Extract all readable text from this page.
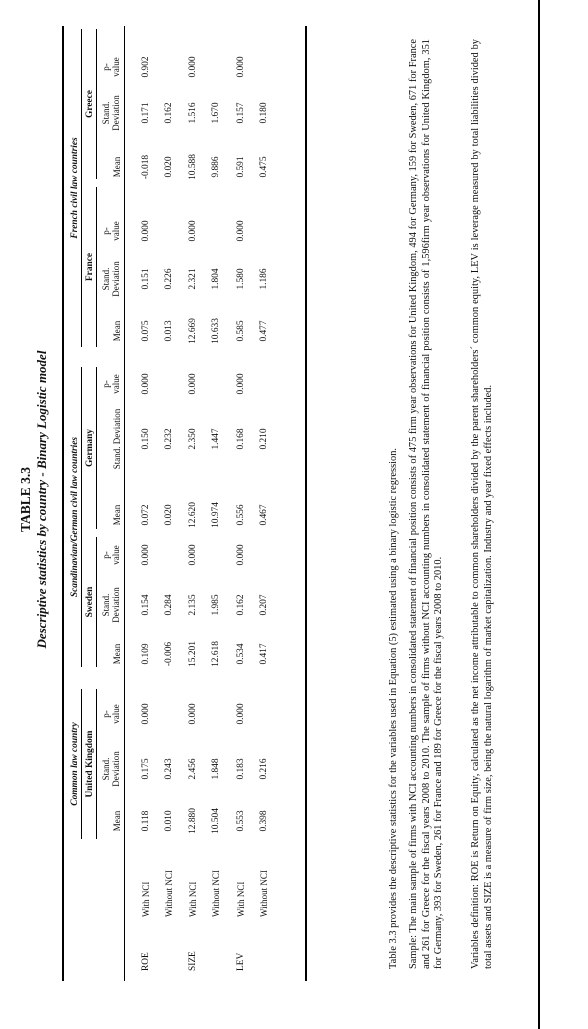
TABLE 3.3 Descriptive statistics by country - Binary Logistic model
Common law country
Scandinavian/German civil law countries
French civil law countries
United Kingdom
Sweden
Germany
France
Greece
Mean
Stand. Deviation
p- value
Mean
Stand. Deviation
p- value
Mean
Stand. Deviation
p- value
Mean
Stand. Deviation
p- value
Mean
Stand. Deviation
p- value
ROE
With NCI
0.118
0.175
0.000
0.109
0.154
0.000
0.072
0.150
0.000
0.075
0.151
0.000
-0.018
0.171
0.902
Without NCI
0.010
0.243
-0.006
0.284
0.020
0.232
0.013
0.226
0.020
0.162
SIZE
With NCI
12.880
2.456
0.000
15.201
2.135
0.000
12.620
2.350
0.000
12.669
2.321
0.000
10.588
1.516
0.000
Without NCI
10.504
1.848
12.618
1.985
10.974
1.447
10.633
1.804
9.886
1.670
LEV
With NCI
0.553
0.183
0.000
0.534
0.162
0.000
0.556
0.168
0.000
0.585
1.580
0.000
0.591
0.157
0.000
Without NCI
0.398
0.216
0.417
0.207
0.467
0.210
0.477
1.186
0.475
0.180
Table 3.3 provides the descriptive statistics for the variables used in Equation (5) estimated using a binary logistic regression. Sample: The main sample of firms with NCI accounting numbers in consolidated statement of financial position consists of 475 firm year observations for United Kingdom, 494 for Germany, 159 for Sweden, 671 for France and 261 for Greece for the fiscal years 2008 to 2010. The sample of firms without NCI accounting numbers in consolidated statement of financial position consists of 1,596firm year observations for United Kingdom, 351 for Germany, 393 for Sweden, 261 for France and 189 for Greece for the fiscal years 2008 to 2010. Variables definition: ROE is Return on Equity, calculated as the net income attributable to common shareholders divided by the parent shareholders´ common equity, LEV is leverage measured by total liabilities divided by total assets and SIZE is a measure of firm size, being the natural logarithm of market capitalization. Industry and year fixed effects included.
